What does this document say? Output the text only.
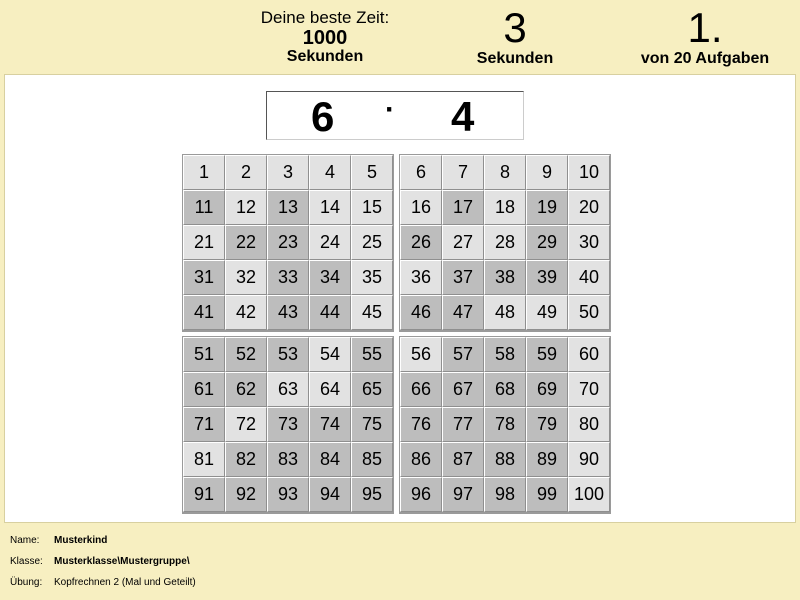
Deine beste Zeit:
1000
Sekunden
3
Sekunden
1.
von 20 Aufgaben
6 · 4
1	2	3	4	5
11	12	13	14	15
21	22	23	24	25
31	32	33	34	35
41	42	43	44	45
6	7	8	9	10
16	17	18	19	20
26	27	28	29	30
36	37	38	39	40
46	47	48	49	50
51	52	53	54	55
61	62	63	64	65
71	72	73	74	75
81	82	83	84	85
91	92	93	94	95
56	57	58	59	60
66	67	68	69	70
76	77	78	79	80
86	87	88	89	90
96	97	98	99 100
Name:	Musterkind
Klasse:	Musterklasse\Mustergruppe\
Übung:	Kopfrechnen 2 (Mal und Geteilt)
